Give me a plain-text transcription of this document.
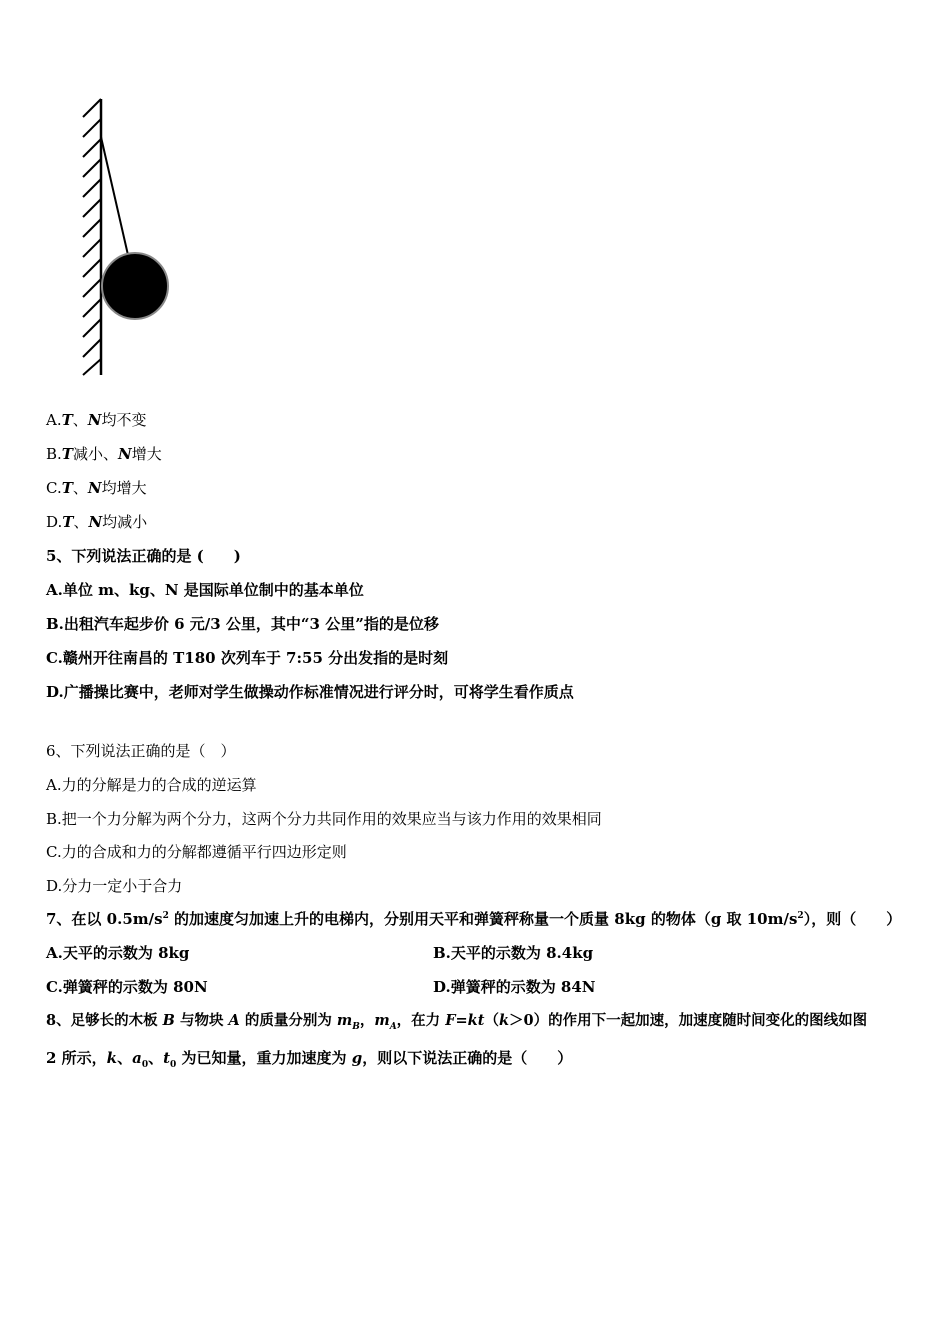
A.T、N均不变
B.T减小、N增大
C.T、N均增大
D.T、N均减小
5、下列说法正确的是 (　　)
A.单位 m、kg、N 是国际单位制中的基本单位
B.出租汽车起步价 6 元/3 公里，其中“3 公里”指的是位移
C.赣州开往南昌的 T180 次列车于 7:55 分出发指的是时刻
D.广播操比赛中，老师对学生做操动作标准情况进行评分时，可将学生看作质点
6、下列说法正确的是（　）
A.力的分解是力的合成的逆运算
B.把一个力分解为两个分力，这两个分力共同作用的效果应当与该力作用的效果相同
C.力的合成和力的分解都遵循平行四边形定则
D.分力一定小于合力
7、在以 $0.5m/s^2$ 的加速度匀加速上升的电梯内，分别用天平和弹簧秤称量一个质量 8kg 的物体（g 取 $10m/s^2$），则（　　）
A.天平的示数为 8kg	B.天平的示数为 8.4kg
C.弹簧秤的示数为 80N	D.弹簧秤的示数为 84N
8、足够长的木板 B 与物块 A 的质量分别为 $m_B$，$m_A$，在力 F=kt（k＞0）的作用下一起加速，加速度随时间变化的图线如图
2 所示，k、$a_0$、$t_0$ 为已知量，重力加速度为 g，则以下说法正确的是（　　）
